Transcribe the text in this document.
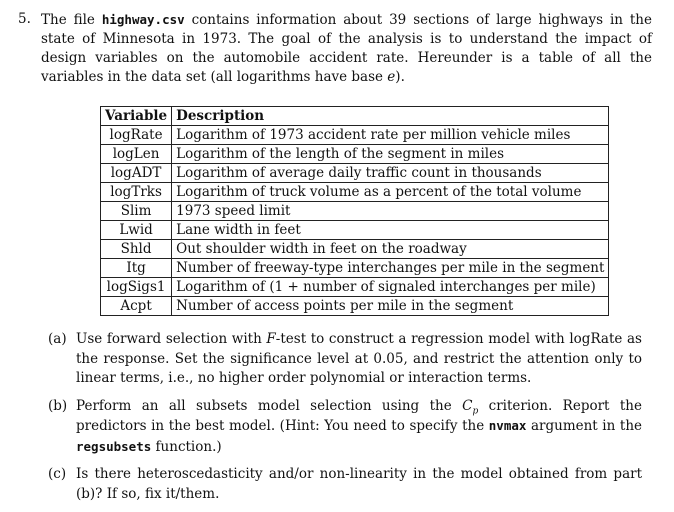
5. The file highway.csv contains information about 39 sections of large highways in the state of Minnesota in 1973. The goal of the analysis is to understand the impact of design variables on the automobile accident rate. Hereunder is a table of all the variables in the data set (all logarithms have base e).
Variable	Description
logRate	Logarithm of 1973 accident rate per million vehicle miles
logLen	Logarithm of the length of the segment in miles
logADT	Logarithm of average daily traffic count in thousands
logTrks	Logarithm of truck volume as a percent of the total volume
Slim	1973 speed limit
Lwid	Lane width in feet
Shld	Out shoulder width in feet on the roadway
Itg	Number of freeway-type interchanges per mile in the segment
logSigs1	Logarithm of (1 + number of signaled interchanges per mile)
Acpt	Number of access points per mile in the segment
(a) Use forward selection with F-test to construct a regression model with logRate as the response. Set the significance level at 0.05, and restrict the attention only to linear terms, i.e., no higher order polynomial or interaction terms.
(b) Perform an all subsets model selection using the $C_p$ criterion. Report the predictors in the best model. (Hint: You need to specify the nvmax argument in the regsubsets function.)
(c) Is there heteroscedasticity and/or non-linearity in the model obtained from part (b)? If so, fix it/them.
